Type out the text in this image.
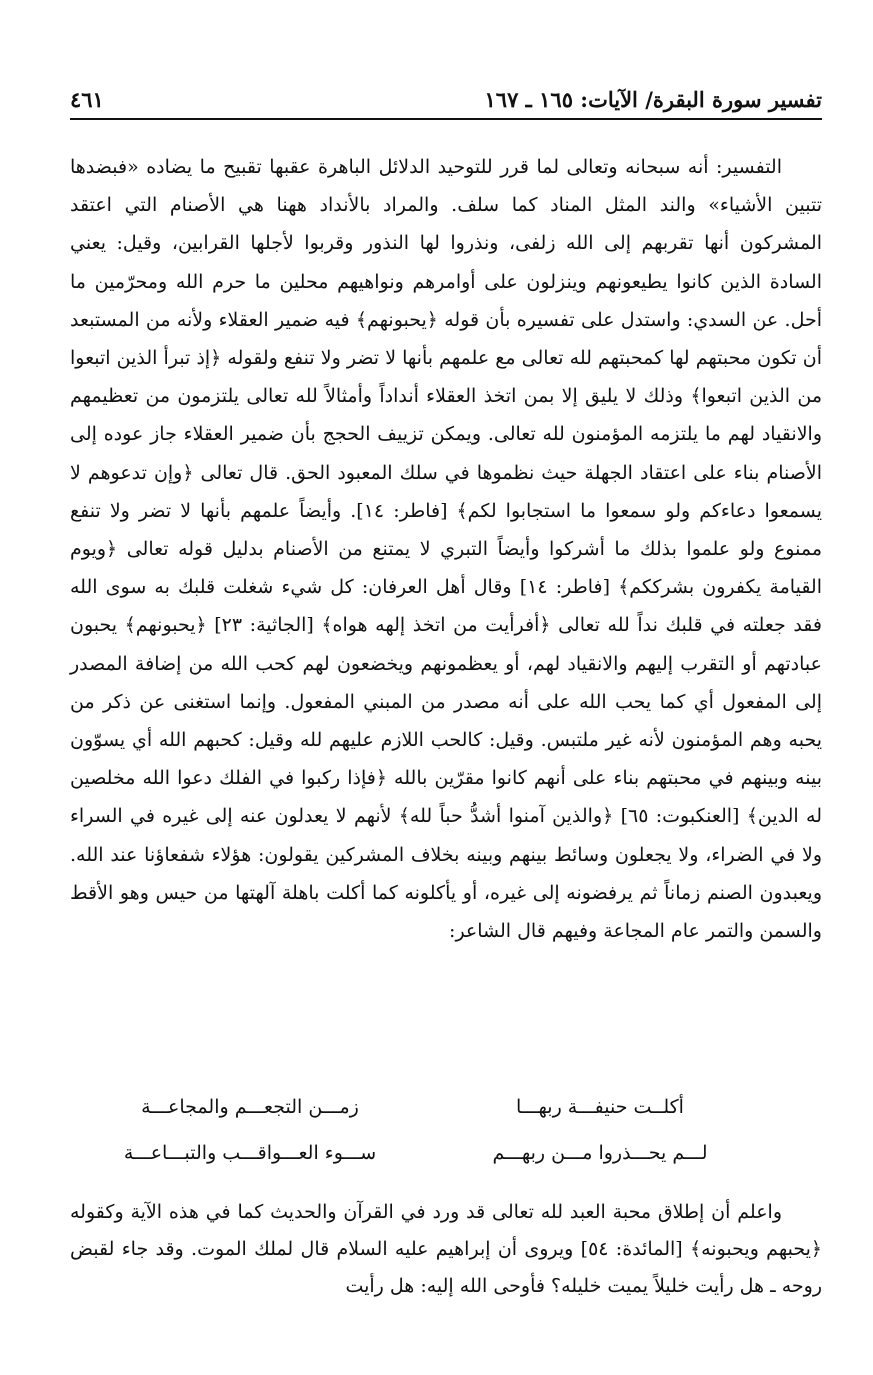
تفسير سورة البقرة/ الآيات: ١٦٥ ـ ١٦٧
٤٦١

التفسير: أنه سبحانه وتعالى لما قرر للتوحيد الدلائل الباهرة عقبها تقبيح ما يضاده «فبضدها تتبين الأشياء» والند المثل المناد كما سلف. والمراد بالأنداد ههنا هي الأصنام التي اعتقد المشركون أنها تقربهم إلى الله زلفى، ونذروا لها النذور وقربوا لأجلها القرابين، وقيل: يعني السادة الذين كانوا يطيعونهم وينزلون على أوامرهم ونواهيهم محلين ما حرم الله ومحرّمين ما أحل. عن السدي: واستدل على تفسيره بأن قوله ﴿يحبونهم﴾ فيه ضمير العقلاء ولأنه من المستبعد أن تكون محبتهم لها كمحبتهم لله تعالى مع علمهم بأنها لا تضر ولا تنفع ولقوله ﴿إذ تبرأ الذين اتبعوا من الذين اتبعوا﴾ وذلك لا يليق إلا بمن اتخذ العقلاء أنداداً وأمثالاً لله تعالى يلتزمون من تعظيمهم والانقياد لهم ما يلتزمه المؤمنون لله تعالى. ويمكن تزييف الحجج بأن ضمير العقلاء جاز عوده إلى الأصنام بناء على اعتقاد الجهلة حيث نظموها في سلك المعبود الحق. قال تعالى ﴿وإن تدعوهم لا يسمعوا دعاءكم ولو سمعوا ما استجابوا لكم﴾ [فاطر: ١٤]. وأيضاً علمهم بأنها لا تضر ولا تنفع ممنوع ولو علموا بذلك ما أشركوا وأيضاً التبري لا يمتنع من الأصنام بدليل قوله تعالى ﴿ويوم القيامة يكفرون بشرككم﴾ [فاطر: ١٤] وقال أهل العرفان: كل شيء شغلت قلبك به سوى الله فقد جعلته في قلبك نداً لله تعالى ﴿أفرأيت من اتخذ إلهه هواه﴾ [الجاثية: ٢٣] ﴿يحبونهم﴾ يحبون عبادتهم أو التقرب إليهم والانقياد لهم، أو يعظمونهم ويخضعون لهم كحب الله من إضافة المصدر إلى المفعول أي كما يحب الله على أنه مصدر من المبني المفعول. وإنما استغنى عن ذكر من يحبه وهم المؤمنون لأنه غير ملتبس. وقيل: كالحب اللازم عليهم لله وقيل: كحبهم الله أي يسوّون بينه وبينهم في محبتهم بناء على أنهم كانوا مقرّين بالله ﴿فإذا ركبوا في الفلك دعوا الله مخلصين له الدين﴾ [العنكبوت: ٦٥] ﴿والذين آمنوا أشدُّ حباً لله﴾ لأنهم لا يعدلون عنه إلى غيره في السراء ولا في الضراء، ولا يجعلون وسائط بينهم وبينه بخلاف المشركين يقولون: هؤلاء شفعاؤنا عند الله. ويعبدون الصنم زماناً ثم يرفضونه إلى غيره، أو يأكلونه كما أكلت باهلة آلهتها من حيس وهو الأقط والسمن والتمر عام المجاعة وفيهم قال الشاعر:

أكلــت حنيفـــة ربهـــا
زمـــن التجعـــم والمجاعـــة
لـــم يحـــذروا مـــن ربهـــم
ســـوء العـــواقـــب والتبـــاعـــة

واعلم أن إطلاق محبة العبد لله تعالى قد ورد في القرآن والحديث كما في هذه الآية وكقوله ﴿يحبهم ويحبونه﴾ [المائدة: ٥٤] ويروى أن إبراهيم عليه السلام قال لملك الموت. وقد جاء لقبض روحه ـ هل رأيت خليلاً يميت خليله؟ فأوحى الله إليه: هل رأيت
